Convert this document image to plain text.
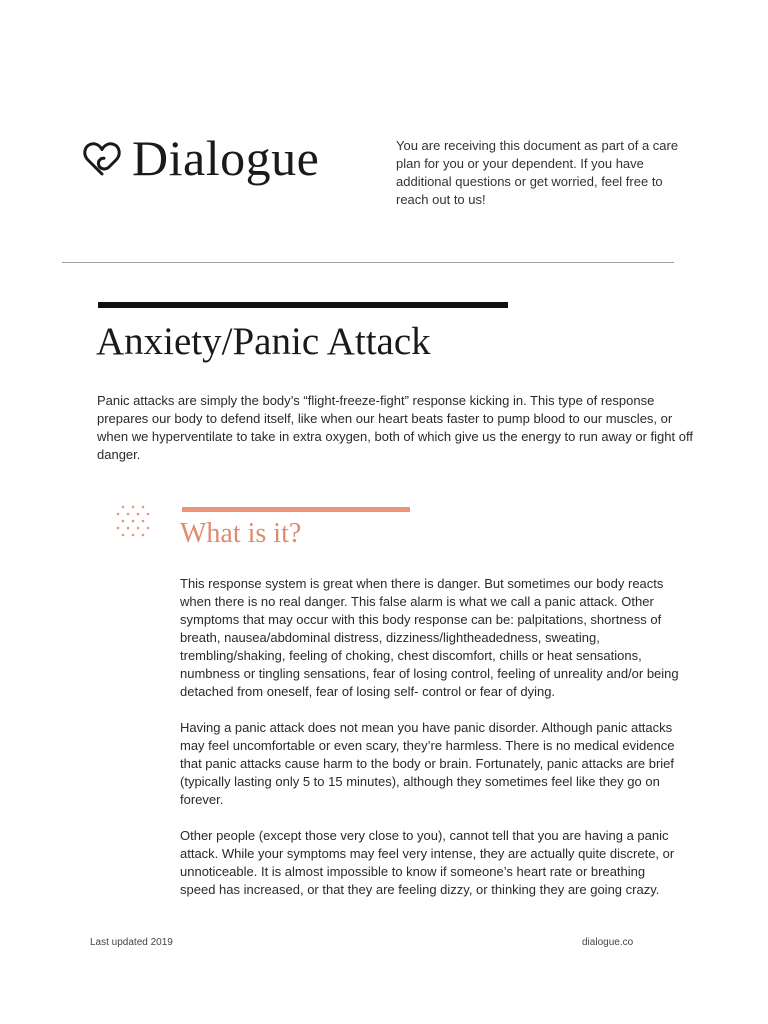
Dialogue	You are receiving this document as part of a care plan for you or your dependent. If you have additional questions or get worried, feel free to reach out to us!
Anxiety/Panic Attack

Panic attacks are simply the body’s “flight-freeze-fight” response kicking in. This type of response prepares our body to defend itself, like when our heart beats faster to pump blood to our muscles, or when we hyperventilate to take in extra oxygen, both of which give us the energy to run away or fight off danger.

What is it?

This response system is great when there is danger. But sometimes our body reacts when there is no real danger. This false alarm is what we call a panic attack. Other symptoms that may occur with this body response can be: palpitations, shortness of breath, nausea/abdominal distress, dizziness/lightheadedness, sweating, trembling/shaking, feeling of choking, chest discomfort, chills or heat sensations, numbness or tingling sensations, fear of losing control, feeling of unreality and/or being detached from oneself, fear of losing self- control or fear of dying.

Having a panic attack does not mean you have panic disorder. Although panic attacks may feel uncomfortable or even scary, they’re harmless. There is no medical evidence that panic attacks cause harm to the body or brain. Fortunately, panic attacks are brief (typically lasting only 5 to 15 minutes), although they sometimes feel like they go on forever.

Other people (except those very close to you), cannot tell that you are having a panic attack. While your symptoms may feel very intense, they are actually quite discrete, or unnoticeable. It is almost impossible to know if someone’s heart rate or breathing speed has increased, or that they are feeling dizzy, or thinking they are going crazy.

Last updated 2019	dialogue.co
